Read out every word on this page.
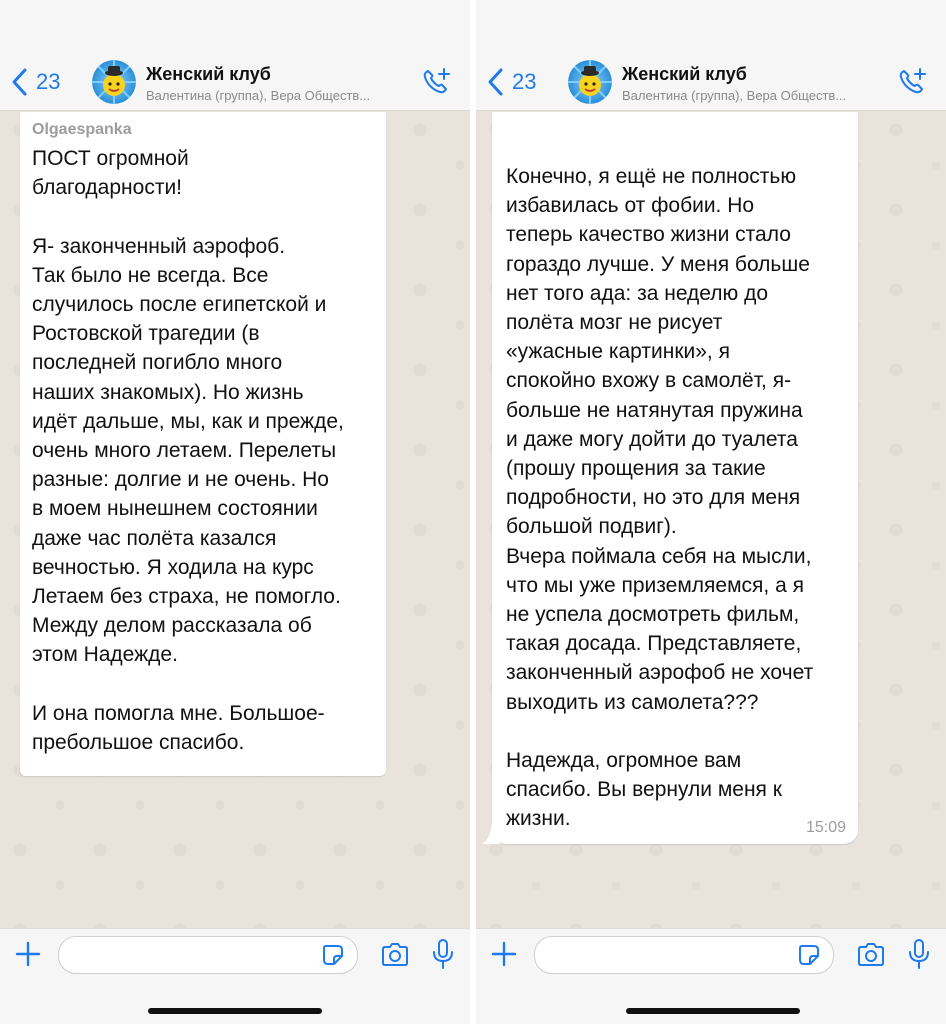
23	Женский клуб
Валентина (группа), Вера Обществ...
Olgaespanka
ПОСТ огромной
благодарности!

Я- законченный аэрофоб.
Так было не всегда. Все
случилось после египетской и
Ростовской трагедии (в
последней погибло много
наших знакомых). Но жизнь
идёт дальше, мы, как и прежде,
очень много летаем. Перелеты
разные: долгие и не очень. Но
в моем нынешнем состоянии
даже час полёта казался
вечностью. Я ходила на курс
Летаем без страха, не помогло.
Между делом рассказала об
этом Надежде.

И она помогла мне. Большое-
пребольшое спасибо.
23	Женский клуб
Валентина (группа), Вера Обществ...
Конечно, я ещё не полностью
избавилась от фобии. Но
теперь качество жизни стало
гораздо лучше. У меня больше
нет того ада: за неделю до
полёта мозг не рисует
«ужасные картинки», я
спокойно вхожу в самолёт, я-
больше не натянутая пружина
и даже могу дойти до туалета
(прошу прощения за такие
подробности, но это для меня
большой подвиг).
Вчера поймала себя на мысли,
что мы уже приземляемся, а я
не успела досмотреть фильм,
такая досада. Представляете,
законченный аэрофоб не хочет
выходить из самолета???

Надежда, огромное вам
спасибо. Вы вернули меня к
жизни.	15:09
